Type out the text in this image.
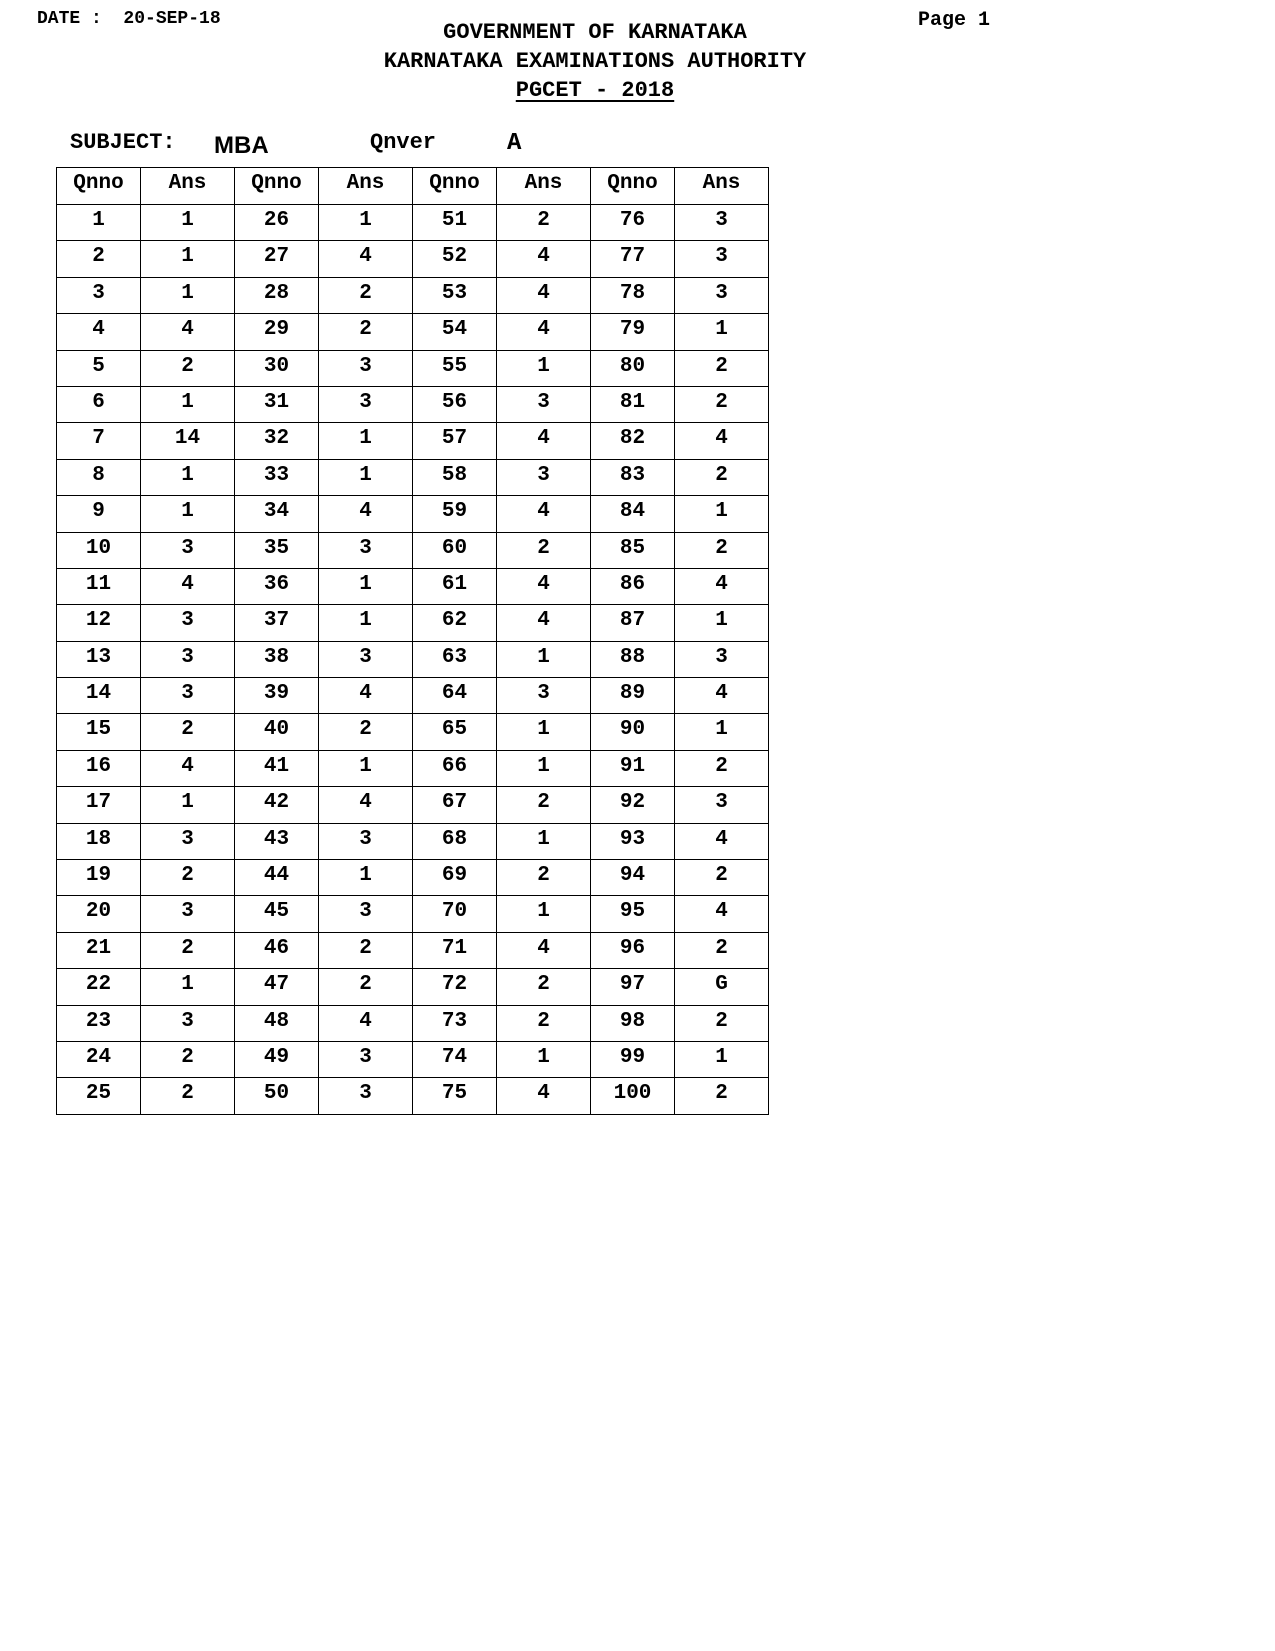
DATE : 20-SEP-18	Page 1
GOVERNMENT OF KARNATAKA
KARNATAKA EXAMINATIONS AUTHORITY
PGCET - 2018

SUBJECT:

MBA

	Qnver

	A

Qnno	Ans	Qnno	Ans	Qnno	Ans	Qnno	Ans
1	1	26	1	51	2	76	3
2	1	27	4	52	4	77	3
3	1	28	2	53	4	78	3
4	4	29	2	54	4	79	1
5	2	30	3	55	1	80	2
6	1	31	3	56	3	81	2
7	14	32	1	57	4	82	4
8	1	33	1	58	3	83	2
9	1	34	4	59	4	84	1
10	3	35	3	60	2	85	2
11	4	36	1	61	4	86	4
12	3	37	1	62	4	87	1
13	3	38	3	63	1	88	3
14	3	39	4	64	3	89	4
15	2	40	2	65	1	90	1
16	4	41	1	66	1	91	2
17	1	42	4	67	2	92	3
18	3	43	3	68	1	93	4
19	2	44	1	69	2	94	2
20	3	45	3	70	1	95	4
21	2	46	2	71	4	96	2
22	1	47	2	72	2	97	G
23	3	48	4	73	2	98	2
24	2	49	3	74	1	99	1
25	2	50	3	75	4	100	2
